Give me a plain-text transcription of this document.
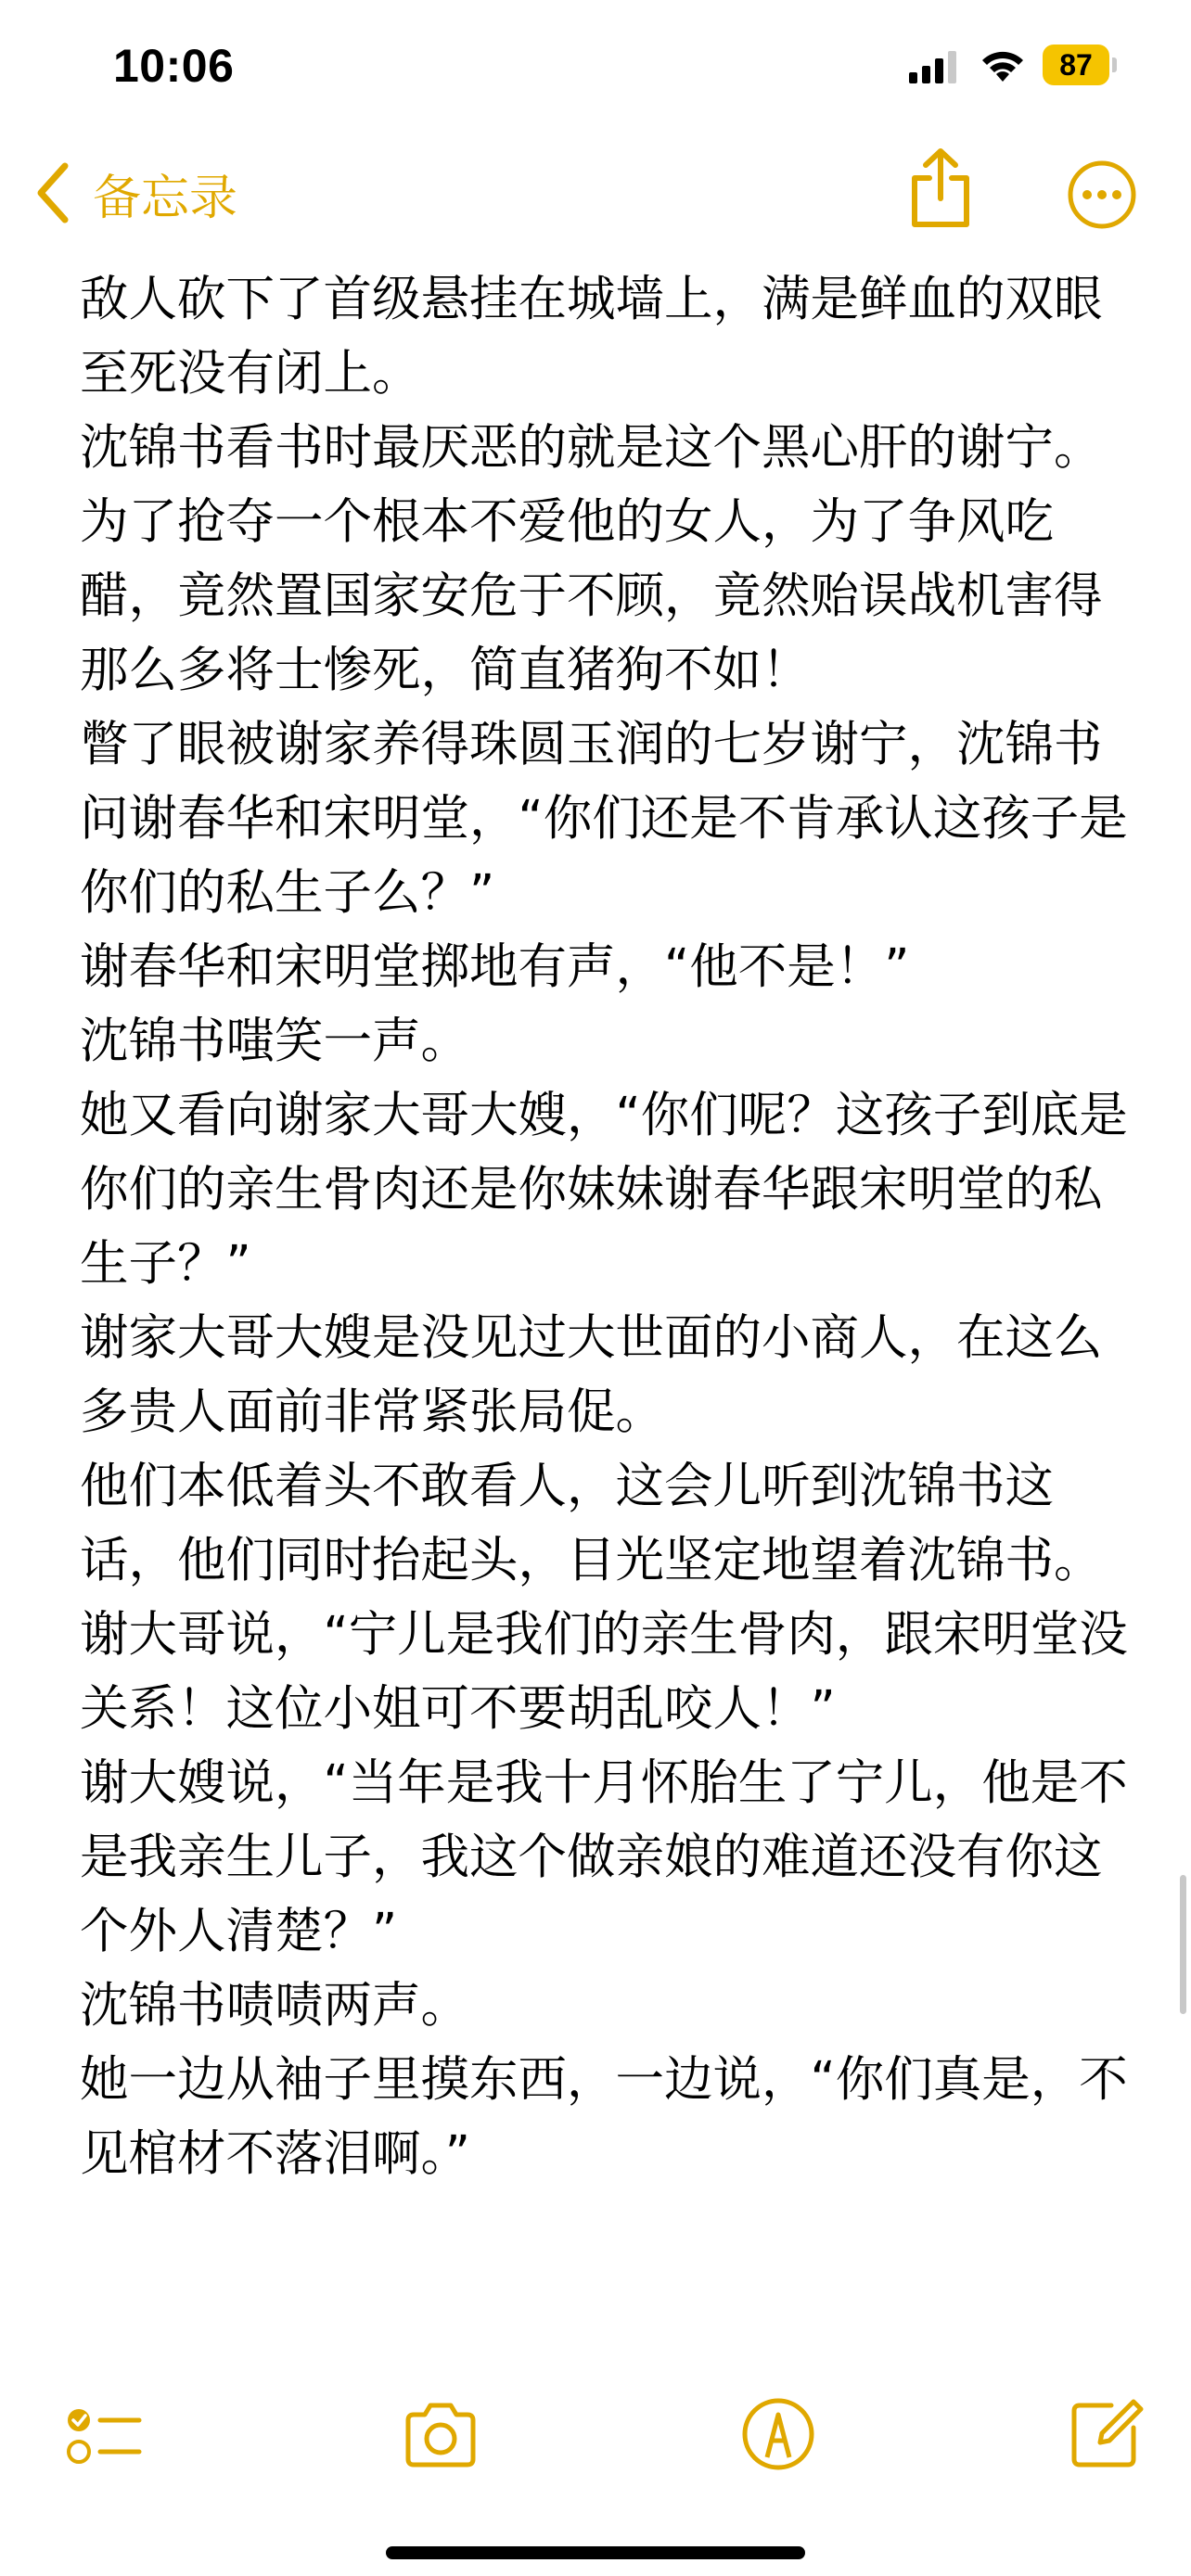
10:06	87
备忘录

敌人砍下了首级悬挂在城墙上，满是鲜血的双眼至死没有闭上。

沈锦书看书时最厌恶的就是这个黑心肝的谢宁。

为了抢夺一个根本不爱他的女人，为了争风吃醋，竟然置国家安危于不顾，竟然贻误战机害得那么多将士惨死，简直猪狗不如！

瞥了眼被谢家养得珠圆玉润的七岁谢宁，沈锦书问谢春华和宋明堂，“你们还是不肯承认这孩子是你们的私生子么？”

谢春华和宋明堂掷地有声，“他不是！”

沈锦书嗤笑一声。

她又看向谢家大哥大嫂，“你们呢？这孩子到底是你们的亲生骨肉还是你妹妹谢春华跟宋明堂的私生子？”

谢家大哥大嫂是没见过大世面的小商人，在这么多贵人面前非常紧张局促。

他们本低着头不敢看人，这会儿听到沈锦书这话，他们同时抬起头，目光坚定地望着沈锦书。

谢大哥说，“宁儿是我们的亲生骨肉，跟宋明堂没关系！这位小姐可不要胡乱咬人！”

谢大嫂说，“当年是我十月怀胎生了宁儿，他是不是我亲生儿子，我这个做亲娘的难道还没有你这个外人清楚？”

沈锦书啧啧两声。

她一边从袖子里摸东西，一边说，“你们真是，不见棺材不落泪啊。”
